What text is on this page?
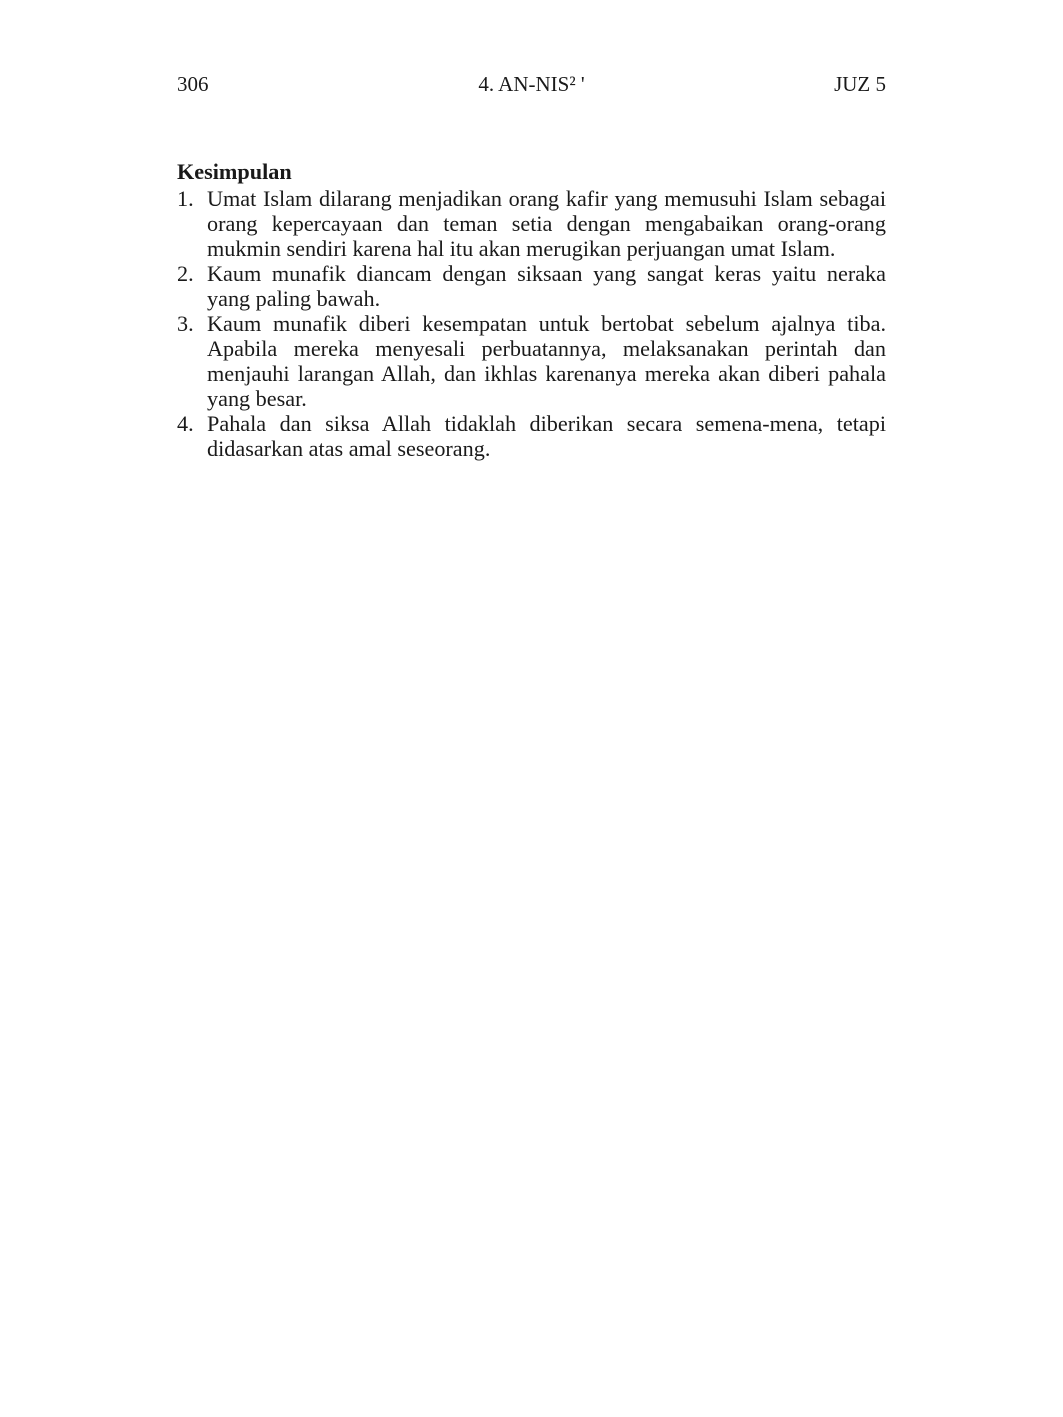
306	4. AN-NIS² '	JUZ 5
Kesimpulan
1. Umat Islam dilarang menjadikan orang kafir yang memusuhi Islam sebagai orang kepercayaan dan teman setia dengan mengabaikan orang-orang mukmin sendiri karena hal itu akan merugikan perjuangan umat Islam.
2. Kaum munafik diancam dengan siksaan yang sangat keras yaitu neraka yang paling bawah.
3. Kaum munafik diberi kesempatan untuk bertobat sebelum ajalnya tiba. Apabila mereka menyesali perbuatannya, melaksanakan perintah dan menjauhi larangan Allah, dan ikhlas karenanya mereka akan diberi pahala yang besar.
4. Pahala dan siksa Allah tidaklah diberikan secara semena-mena, tetapi didasarkan atas amal seseorang.
